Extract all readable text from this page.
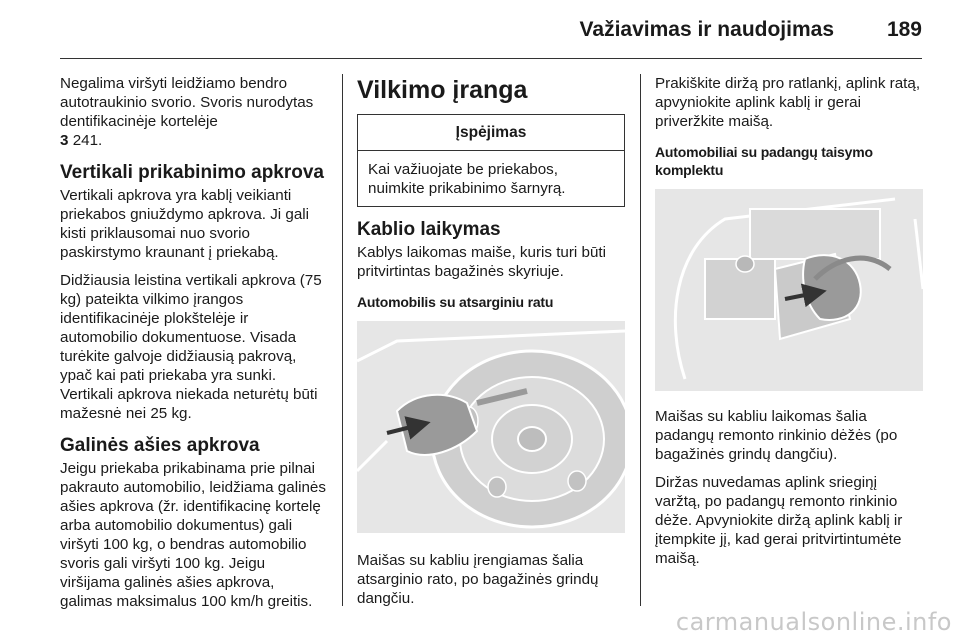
Važiavimas ir naudojimas	189

Negalima viršyti leidžiamo bendro autotraukinio svorio. Svoris nurodytas dentifikacinėje kortelėje
3 241.

Vertikali prikabinimo apkrova

Vertikali apkrova yra kablį veikianti priekabos gniuždymo apkrova. Ji gali kisti priklausomai nuo svorio paskirstymo kraunant į priekabą.

Didžiausia leistina vertikali apkrova (75 kg) pateikta vilkimo įrangos identifikacinėje plokštelėje ir automobilio dokumentuose. Visada turėkite galvoje didžiausią pakrovą, ypač kai pati priekaba yra sunki. Vertikali apkrova niekada neturėtų būti mažesnė nei 25 kg.

Galinės ašies apkrova

Jeigu priekaba prikabinama prie pilnai pakrauto automobilio, leidžiama galinės ašies apkrova (žr. identifikacinę kortelę arba automobilio dokumentus) gali viršyti 100 kg, o bendras automobilio svoris gali viršyti 100 kg. Jeigu viršijama galinės ašies apkrova, galimas maksimalus 100 km/h greitis.

Vilkimo įranga
Įspėjimas
Kai važiuojate be priekabos, nuimkite prikabinimo šarnyrą.
Kablio laikymas

Kablys laikomas maiše, kuris turi būti pritvirtintas bagažinės skyriuje.

Automobilis su atsarginiu ratu

Maišas su kabliu įrengiamas šalia atsarginio rato, po bagažinės grindų dangčiu.

Prakiškite diržą pro ratlankį, aplink ratą, apvyniokite aplink kablį ir gerai priveržkite maišą.

Automobiliai su padangų taisymo komplektu

Maišas su kabliu laikomas šalia padangų remonto rinkinio dėžės (po bagažinės grindų dangčiu).

Diržas nuvedamas aplink sriegin̨į varžtą, po padangų remonto rinkinio dėže. Apvyniokite diržą aplink kablį ir įtempkite jį, kad gerai pritvirtintumėte maišą.

carmanualsonline.info
